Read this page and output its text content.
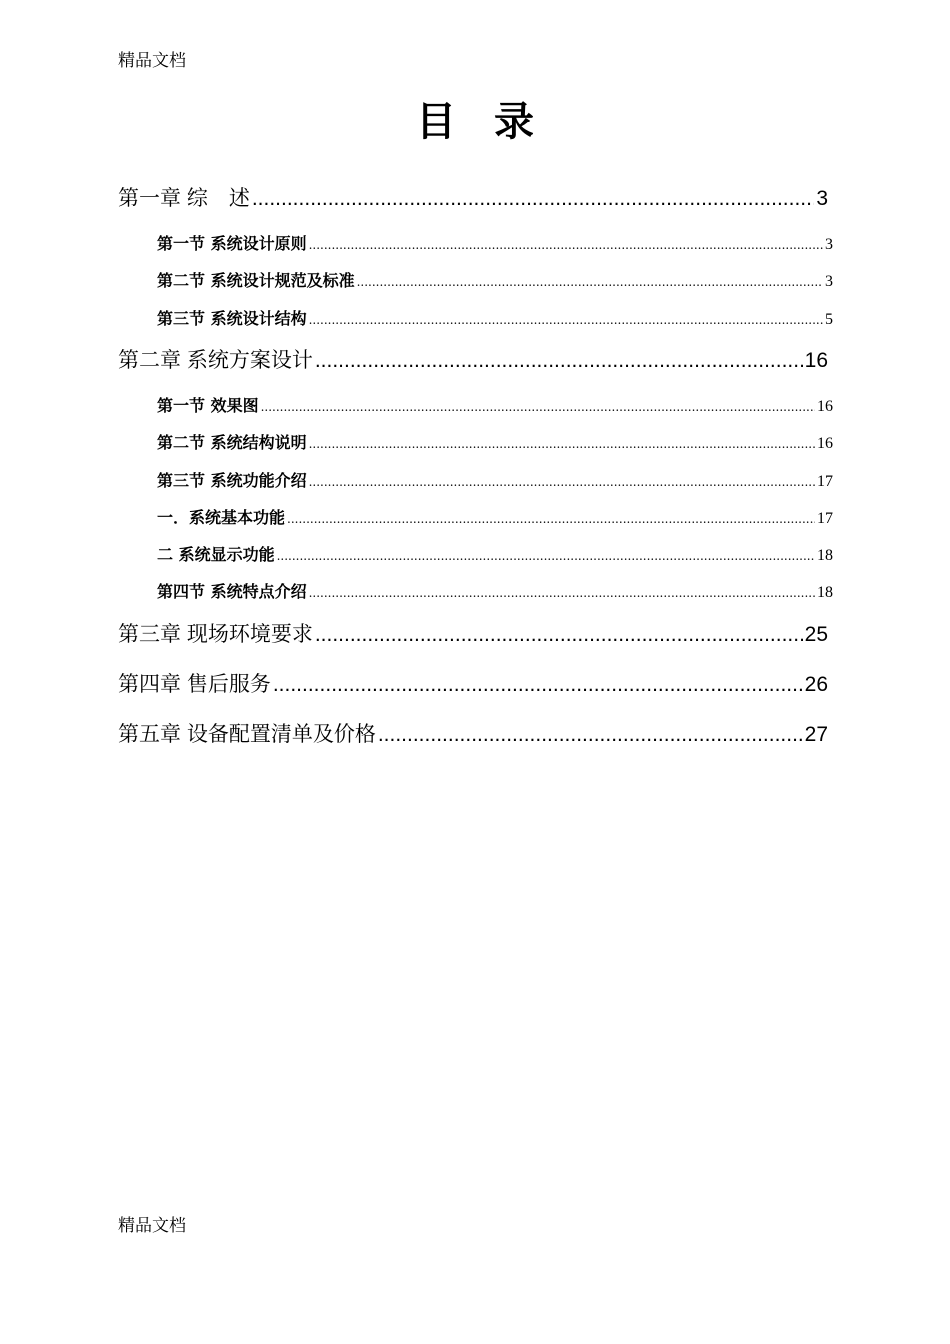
精品文档
目录
第一章 综　述 .....	3
第一节 系统设计原则 .....	3
第二节 系统设计规范及标准 .....	3
第三节 系统设计结构 .....	5
第二章 系统方案设计 .....	16
第一节 效果图 .....	16
第二节 系统结构说明 .....	16
第三节 系统功能介绍 .....	17
一．系统基本功能 .....	17
二 系统显示功能 .....	18
第四节 系统特点介绍 .....	18
第三章 现场环境要求 .....	25
第四章 售后服务 .....	26
第五章 设备配置清单及价格 .....	27
精品文档
